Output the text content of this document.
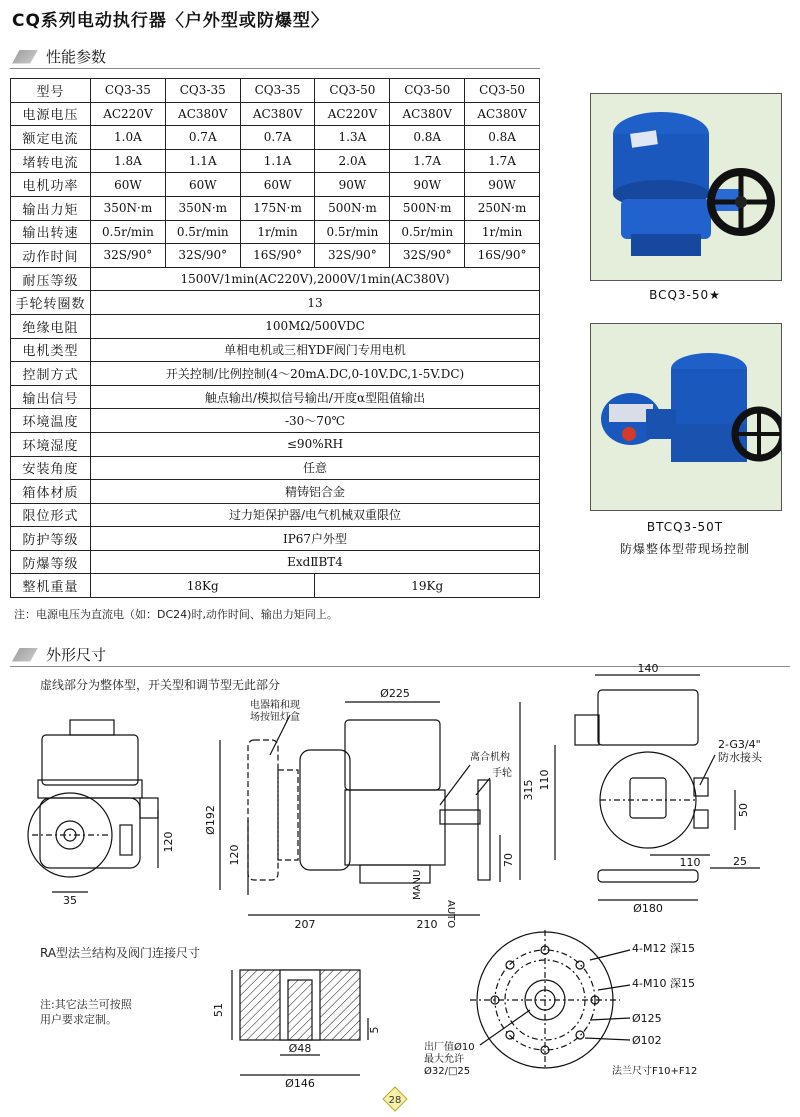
CQ系列电动执行器〈户外型或防爆型〉
性能参数
型号	CQ3-35	CQ3-35	CQ3-35	CQ3-50	CQ3-50	CQ3-50
电源电压	AC220V	AC380V	AC380V	AC220V	AC380V	AC380V
额定电流	1.0A	0.7A	0.7A	1.3A	0.8A	0.8A
堵转电流	1.8A	1.1A	1.1A	2.0A	1.7A	1.7A
电机功率	60W	60W	60W	90W	90W	90W
输出力矩	350N·m	350N·m	175N·m	500N·m	500N·m	250N·m
输出转速	0.5r/min	0.5r/min	1r/min	0.5r/min	0.5r/min	1r/min
动作时间	32S/90°	32S/90°	16S/90°	32S/90°	32S/90°	16S/90°
耐压等级	1500V/1min(AC220V),2000V/1min(AC380V)					
手轮转圈数	13					
绝缘电阻	100MΩ/500VDC					
电机类型	单相电机或三相YDF阀门专用电机					
控制方式	开关控制/比例控制(4～20mA.DC,0-10V.DC,1-5V.DC)					
输出信号	触点输出/模拟信号输出/开度α型阻值输出					
环境温度	-30～70℃					
环境湿度	≤90%RH					
安装角度	任意					
箱体材质	精铸铝合金					
限位形式	过力矩保护器/电气机械双重限位					
防护等级	IP67户外型					
防爆等级	ExdⅡBT4					
整机重量	18Kg			19Kg		
注：电源电压为直流电（如：DC24)时,动作时间、输出力矩同上。
BCQ3-50★
BTCQ3-50T
防爆整体型带现场控制
外形尺寸
虚线部分为整体型，开关型和调节型无此部分
35
120
Ø192
120
Ø225
315
70
207	210
MANU
AUTO
电器箱和现
场按钮灯盒
离合机构
手轮
140
110
50
110	25
Ø180
2-G3/4"
防水接头
RA型法兰结构及阀门连接尺寸
注:其它法兰可按照
用户要求定制。
51
5
Ø48
Ø146
4-M12 深15
4-M10 深15
Ø125
Ø102
出厂值Ø10
最大允许
Ø32/□25	法兰尺寸F10+F12
28
